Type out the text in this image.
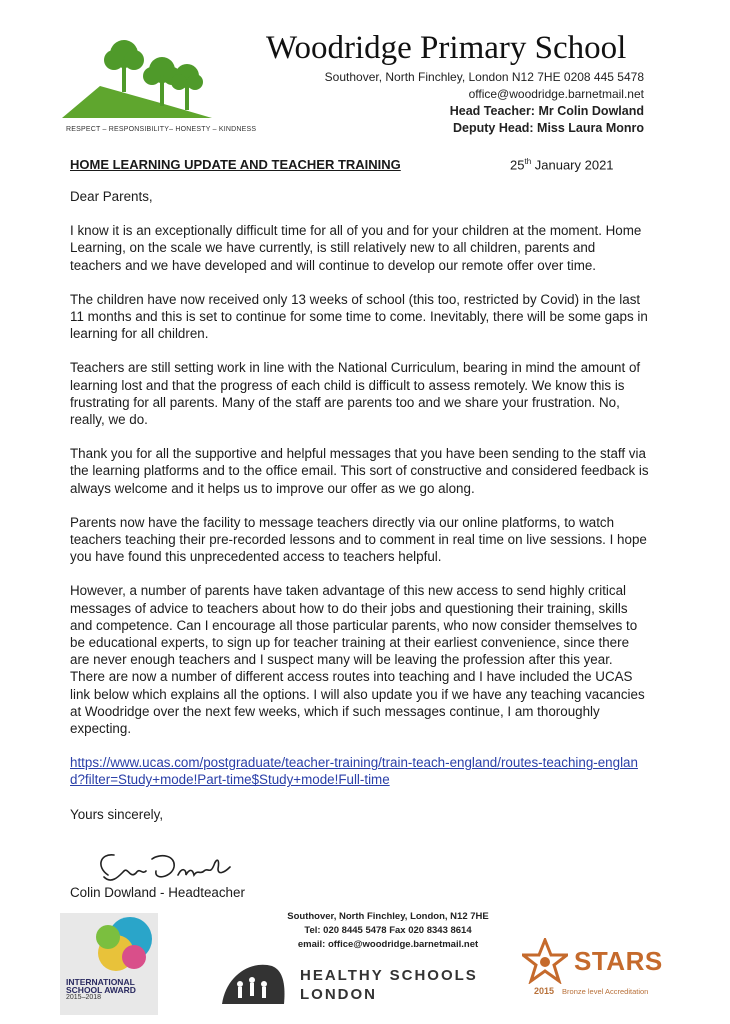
RESPECT – RESPONSIBILITY– HONESTY – KINDNESS
Woodridge Primary School
Southover, North Finchley, London N12 7HE 0208 445 5478
office@woodridge.barnetmail.net
Head Teacher: Mr Colin Dowland
Deputy Head: Miss Laura Monro
HOME LEARNING UPDATE AND TEACHER TRAINING	25th January 2021

Dear Parents,

I know it is an exceptionally difficult time for all of you and for your children at the moment. Home Learning, on the scale we have currently, is still relatively new to all children, parents and teachers and we have developed and will continue to develop our remote offer over time.

The children have now received only 13 weeks of school (this too, restricted by Covid) in the last 11 months and this is set to continue for some time to come. Inevitably, there will be some gaps in learning for all children.

Teachers are still setting work in line with the National Curriculum, bearing in mind the amount of learning lost and that the progress of each child is difficult to assess remotely. We know this is frustrating for all parents. Many of the staff are parents too and we share your frustration. No, really, we do.

Thank you for all the supportive and helpful messages that you have been sending to the staff via the learning platforms and to the office email. This sort of constructive and considered feedback is always welcome and it helps us to improve our offer as we go along.

Parents now have the facility to message teachers directly via our online platforms, to watch teachers teaching their pre-recorded lessons and to comment in real time on live sessions. I hope you have found this unprecedented access to teachers helpful.

However, a number of parents have taken advantage of this new access to send highly critical messages of advice to teachers about how to do their jobs and questioning their training, skills and competence. Can I encourage all those particular parents, who now consider themselves to be educational experts, to sign up for teacher training at their earliest convenience, since there are never enough teachers and I suspect many will be leaving the profession after this year. There are now a number of different access routes into teaching and I have included the UCAS link below which explains all the options. I will also update you if we have any teaching vacancies at Woodridge over the next few weeks, which if such messages continue, I am thoroughly expecting.

https://www.ucas.com/postgraduate/teacher-training/train-teach-england/routes-teaching-england?filter=Study+mode!Part-time$Study+mode!Full-time

Yours sincerely,

Colin Dowland - Headteacher
Southover, North Finchley, London, N12 7HE
Tel: 020 8445 5478 Fax 020 8343 8614
email: office@woodridge.barnetmail.net
INTERNATIONAL
SCHOOL AWARD
2015–2018
HEALTHY SCHOOLS
LONDON
STARS
2015 Bronze level Accreditation
